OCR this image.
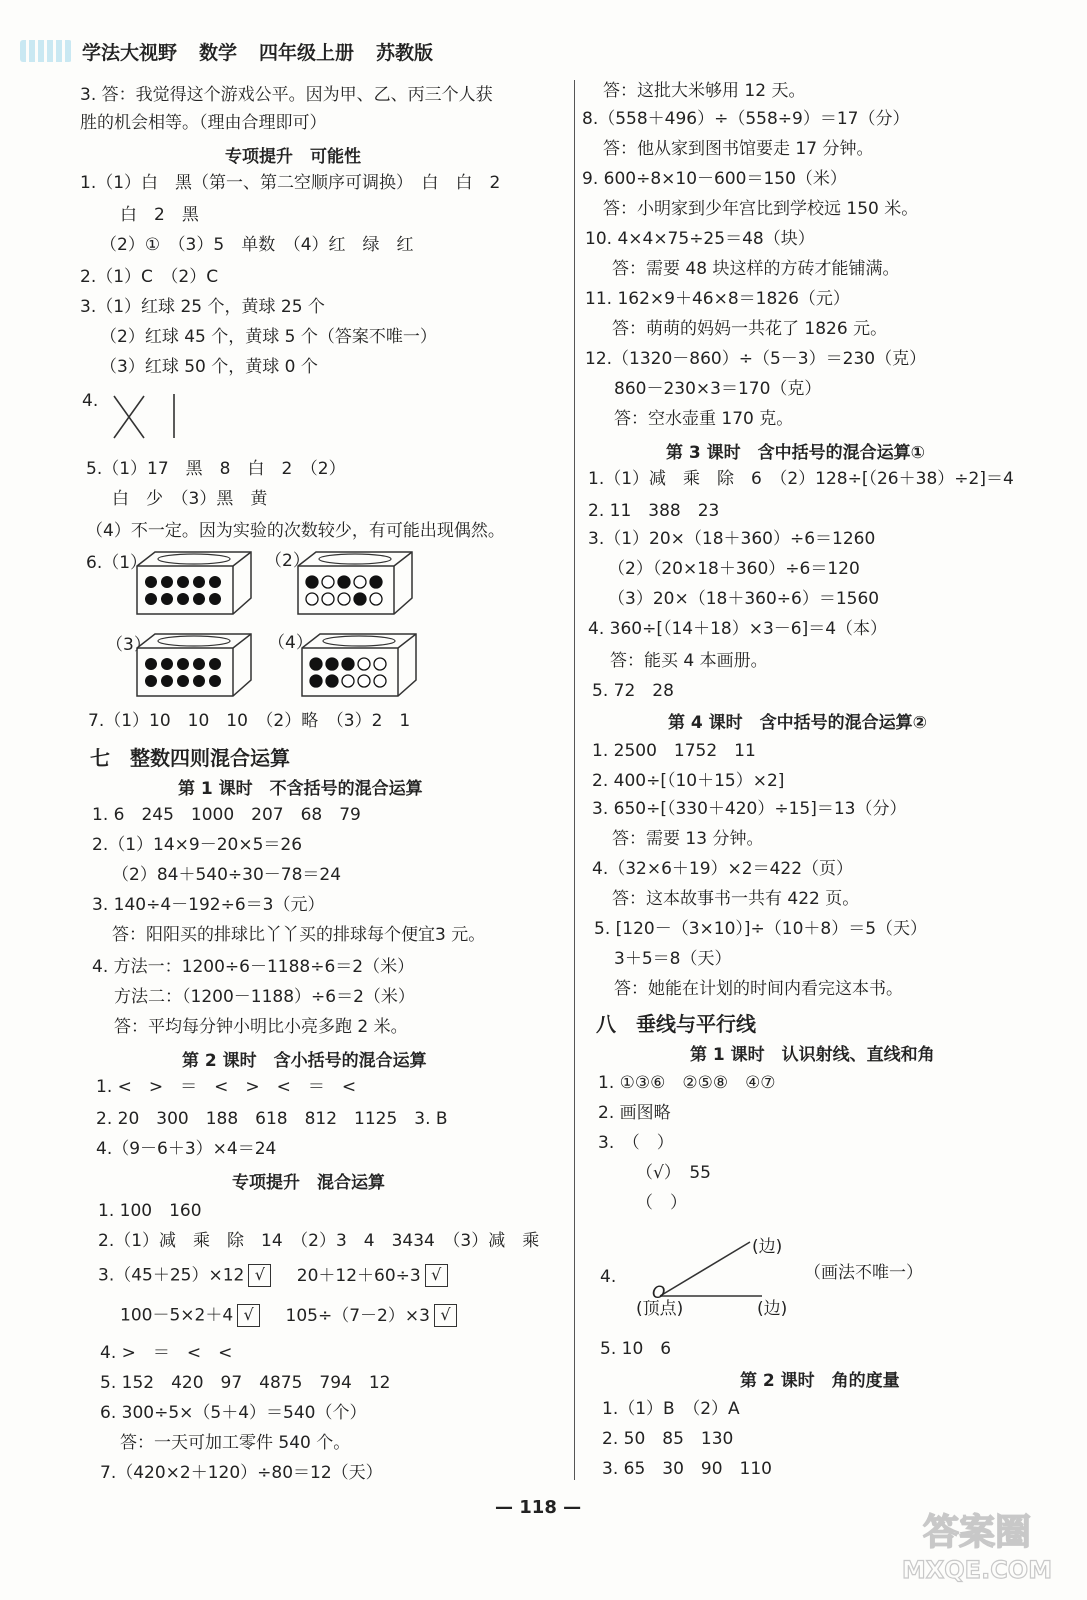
学法大视野 数学 四年级上册 苏教版
3. 答：我觉得这个游戏公平。因为甲、乙、丙三个人获
胜的机会相等。（理由合理即可）
专项提升　可能性
1.（1）白　黑（第一、第二空顺序可调换）　白　白　2
白　2　黑
（2）①　（3）5　单数　（4）红　绿　红
2.（1）C　（2）C
3.（1）红球 25 个，黄球 25 个
（2）红球 45 个，黄球 5 个（答案不唯一）
（3）红球 50 个，黄球 0 个
4.
5.（1）17　黑　8　白　2　（2）
白　少　（3）黑　黄
（4）不一定。因为实验的次数较少，有可能出现偶然。
6.（1）	（2）
（3）	（4）
7.（1）10　10　10　（2）略　（3）2　1
七　整数四则混合运算
第 1 课时　不含括号的混合运算
1. 6　245　1000　207　68　79
2.（1）14×9－20×5＝26
（2）84＋540÷30－78＝24
3. 140÷4－192÷6＝3（元）
答：阳阳买的排球比丫丫买的排球每个便宜3 元。
4. 方法一：1200÷6－1188÷6＝2（米）
方法二：（1200－1188）÷6＝2（米）
答：平均每分钟小明比小亮多跑 2 米。
第 2 课时　含小括号的混合运算
1. <　>　＝　<　>　<　＝　<
2. 20　300　188　618　812　1125　3. B
4.（9－6＋3）×4＝24
专项提升　混合运算
1. 100　160
2.（1）减　乘　除　14　（2）3　4　3434　（3）减　乘
3.（45＋25）×12 √ 20＋12＋60÷3 √
100－5×2＋4 √ 105÷（7－2）×3 √
4. >　＝　<　<
5. 152　420　97　4875　794　12
6. 300÷5×（5＋4）＝540（个）
答：一天可加工零件 540 个。
7.（420×2＋120）÷80＝12（天）
答：这批大米够用 12 天。
8.（558＋496）÷（558÷9）＝17（分）
答：他从家到图书馆要走 17 分钟。
9. 600÷8×10－600＝150（米）
答：小明家到少年宫比到学校远 150 米。
10. 4×4×75÷25＝48（块）
答：需要 48 块这样的方砖才能铺满。
11. 162×9＋46×8＝1826（元）
答：萌萌的妈妈一共花了 1826 元。
12.（1320－860）÷（5－3）＝230（克）
860－230×3＝170（克）
答：空水壶重 170 克。
第 3 课时　含中括号的混合运算①
1.（1）减　乘　除　6　（2）128÷[（26＋38）÷2]＝4
2. 11　388　23
3.（1）20×（18＋360）÷6＝1260
（2）（20×18＋360）÷6＝120
（3）20×（18＋360÷6）＝1560
4. 360÷[（14＋18）×3－6]＝4（本）
答：能买 4 本画册。
5. 72　28
第 4 课时　含中括号的混合运算②
1. 2500　1752　11
2. 400÷[（10＋15）×2]
3. 650÷[（330＋420）÷15]＝13（分）
答：需要 13 分钟。
4.（32×6＋19）×2＝422（页）
答：这本故事书一共有 422 页。
5. [120－（3×10）]÷（10＋8）＝5（天）
3＋5＝8（天）
答：她能在计划的时间内看完这本书。
八　垂线与平行线
第 1 课时　认识射线、直线和角
1. ①③⑥　②⑤⑧　④⑦
2. 画图略
3.　（　）
（√）　55
（　）
4.
O
(边)
(边)
(顶点)
（画法不唯一）
5. 10　6
第 2 课时　角的度量
1.（1）B　（2）A
2. 50　85　130
3. 65　30　90　110
— 118 —
答案圈
MXQE.COM
